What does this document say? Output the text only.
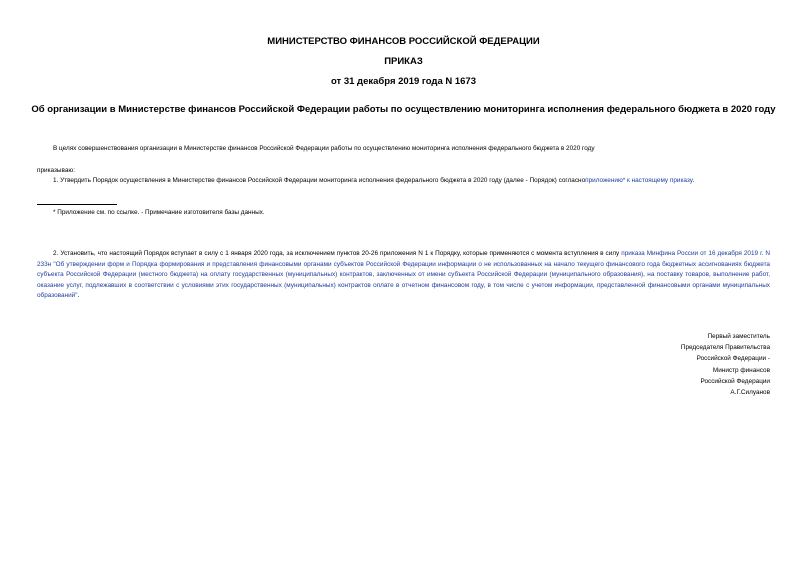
МИНИСТЕРСТВО ФИНАНСОВ РОССИЙСКОЙ ФЕДЕРАЦИИ
ПРИКАЗ
от 31 декабря 2019 года N 1673
Об организации в Министерстве финансов Российской Федерации работы по осуществлению мониторинга исполнения федерального бюджета в 2020 году
В целях совершенствования организации в Министерстве финансов Российской Федерации работы по осуществлению мониторинга исполнения федерального бюджета в 2020 году
приказываю:
1. Утвердить Порядок осуществления в Министерстве финансов Российской Федерации мониторинга исполнения федерального бюджета в 2020 году (далее - Порядок) согласноприложению* к настоящему приказу.
* Приложение см. по ссылке. - Примечание изготовителя базы данных.
2. Установить, что настоящий Порядок вступает в силу с 1 января 2020 года, за исключением пунктов 20-26 приложения N 1 к Порядку, которые применяются с момента вступления в силу приказа Минфина России от 16 декабря 2019 г. N 233н "Об утверждении форм и Порядка формирования и представления финансовыми органами субъектов Российской Федерации информации о не использованных на начало текущего финансового года бюджетных ассигнованиях бюджета субъекта Российской Федерации (местного бюджета) на оплату государственных (муниципальных) контрактов, заключенных от имени субъекта Российской Федерации (муниципального образования), на поставку товаров, выполнение работ, оказание услуг, подлежавших в соответствии с условиями этих государственных (муниципальных) контрактов оплате в отчетном финансовом году, в том числе с учетом информации, представленной финансовыми органами муниципальных образований".
Первый заместитель
Председателя Правительства
Российской Федерации -
Министр финансов
Российской Федерации
А.Г.Силуанов
